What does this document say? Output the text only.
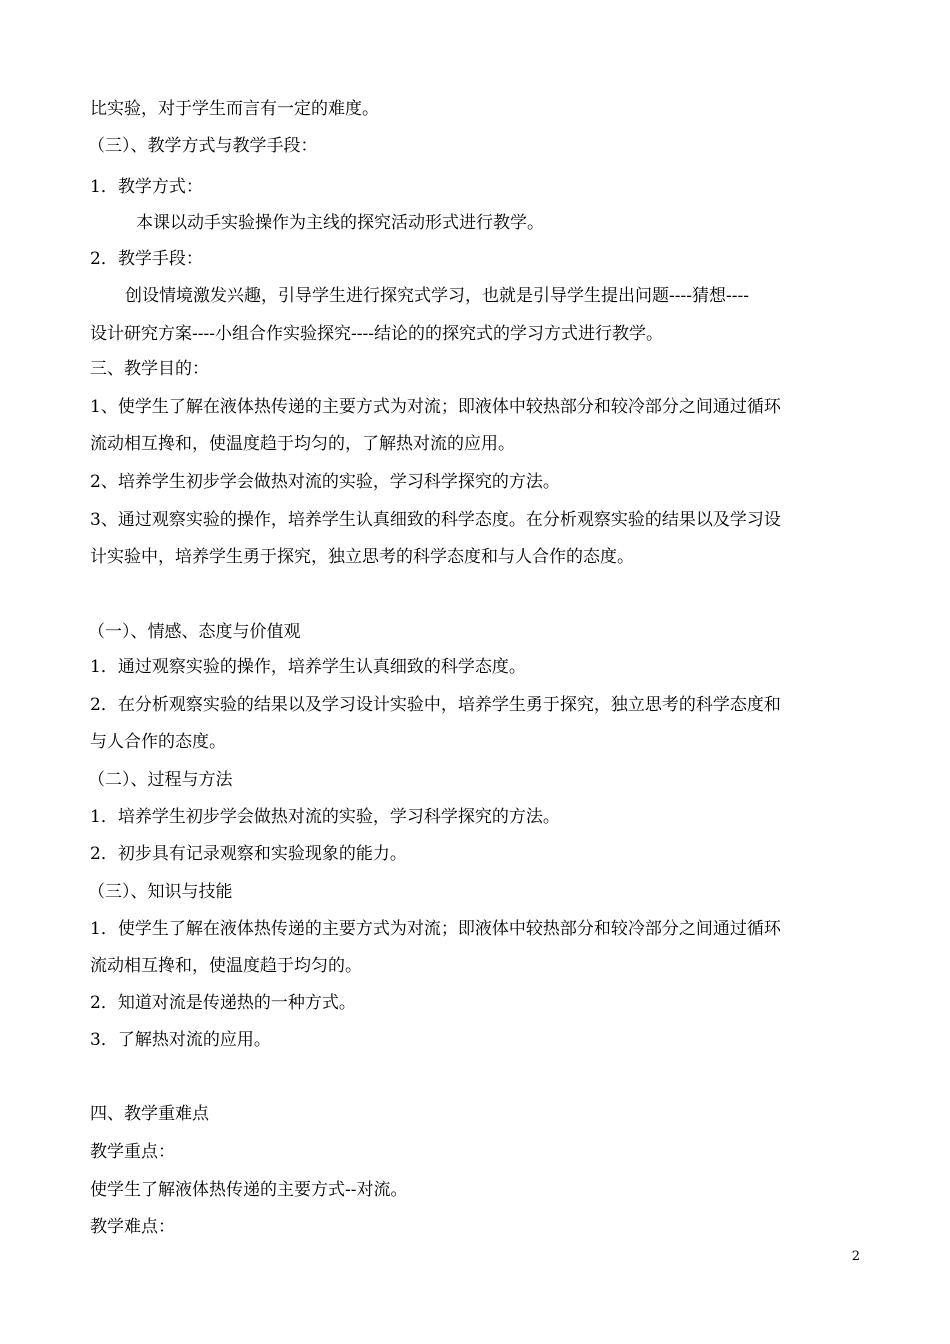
比实验，对于学生而言有一定的难度。
（三）、教学方式与教学手段：
1．教学方式：
本课以动手实验操作为主线的探究活动形式进行教学。
2．教学手段：
创设情境激发兴趣，引导学生进行探究式学习，也就是引导学生提出问题----猜想----
设计研究方案----小组合作实验探究----结论的的探究式的学习方式进行教学。
三、教学目的：
1、使学生了解在液体热传递的主要方式为对流；即液体中较热部分和较冷部分之间通过循环
流动相互搀和，使温度趋于均匀的，了解热对流的应用。
2、培养学生初步学会做热对流的实验，学习科学探究的方法。
3、通过观察实验的操作，培养学生认真细致的科学态度。在分析观察实验的结果以及学习设
计实验中，培养学生勇于探究，独立思考的科学态度和与人合作的态度。
（一）、情感、态度与价值观
1．通过观察实验的操作，培养学生认真细致的科学态度。
2．在分析观察实验的结果以及学习设计实验中，培养学生勇于探究，独立思考的科学态度和
与人合作的态度。
（二）、过程与方法
1．培养学生初步学会做热对流的实验，学习科学探究的方法。
2．初步具有记录观察和实验现象的能力。
（三）、知识与技能
1．使学生了解在液体热传递的主要方式为对流；即液体中较热部分和较冷部分之间通过循环
流动相互搀和，使温度趋于均匀的。
2．知道对流是传递热的一种方式。
3．了解热对流的应用。
四、教学重难点
教学重点：
使学生了解液体热传递的主要方式--对流。
教学难点：
2
